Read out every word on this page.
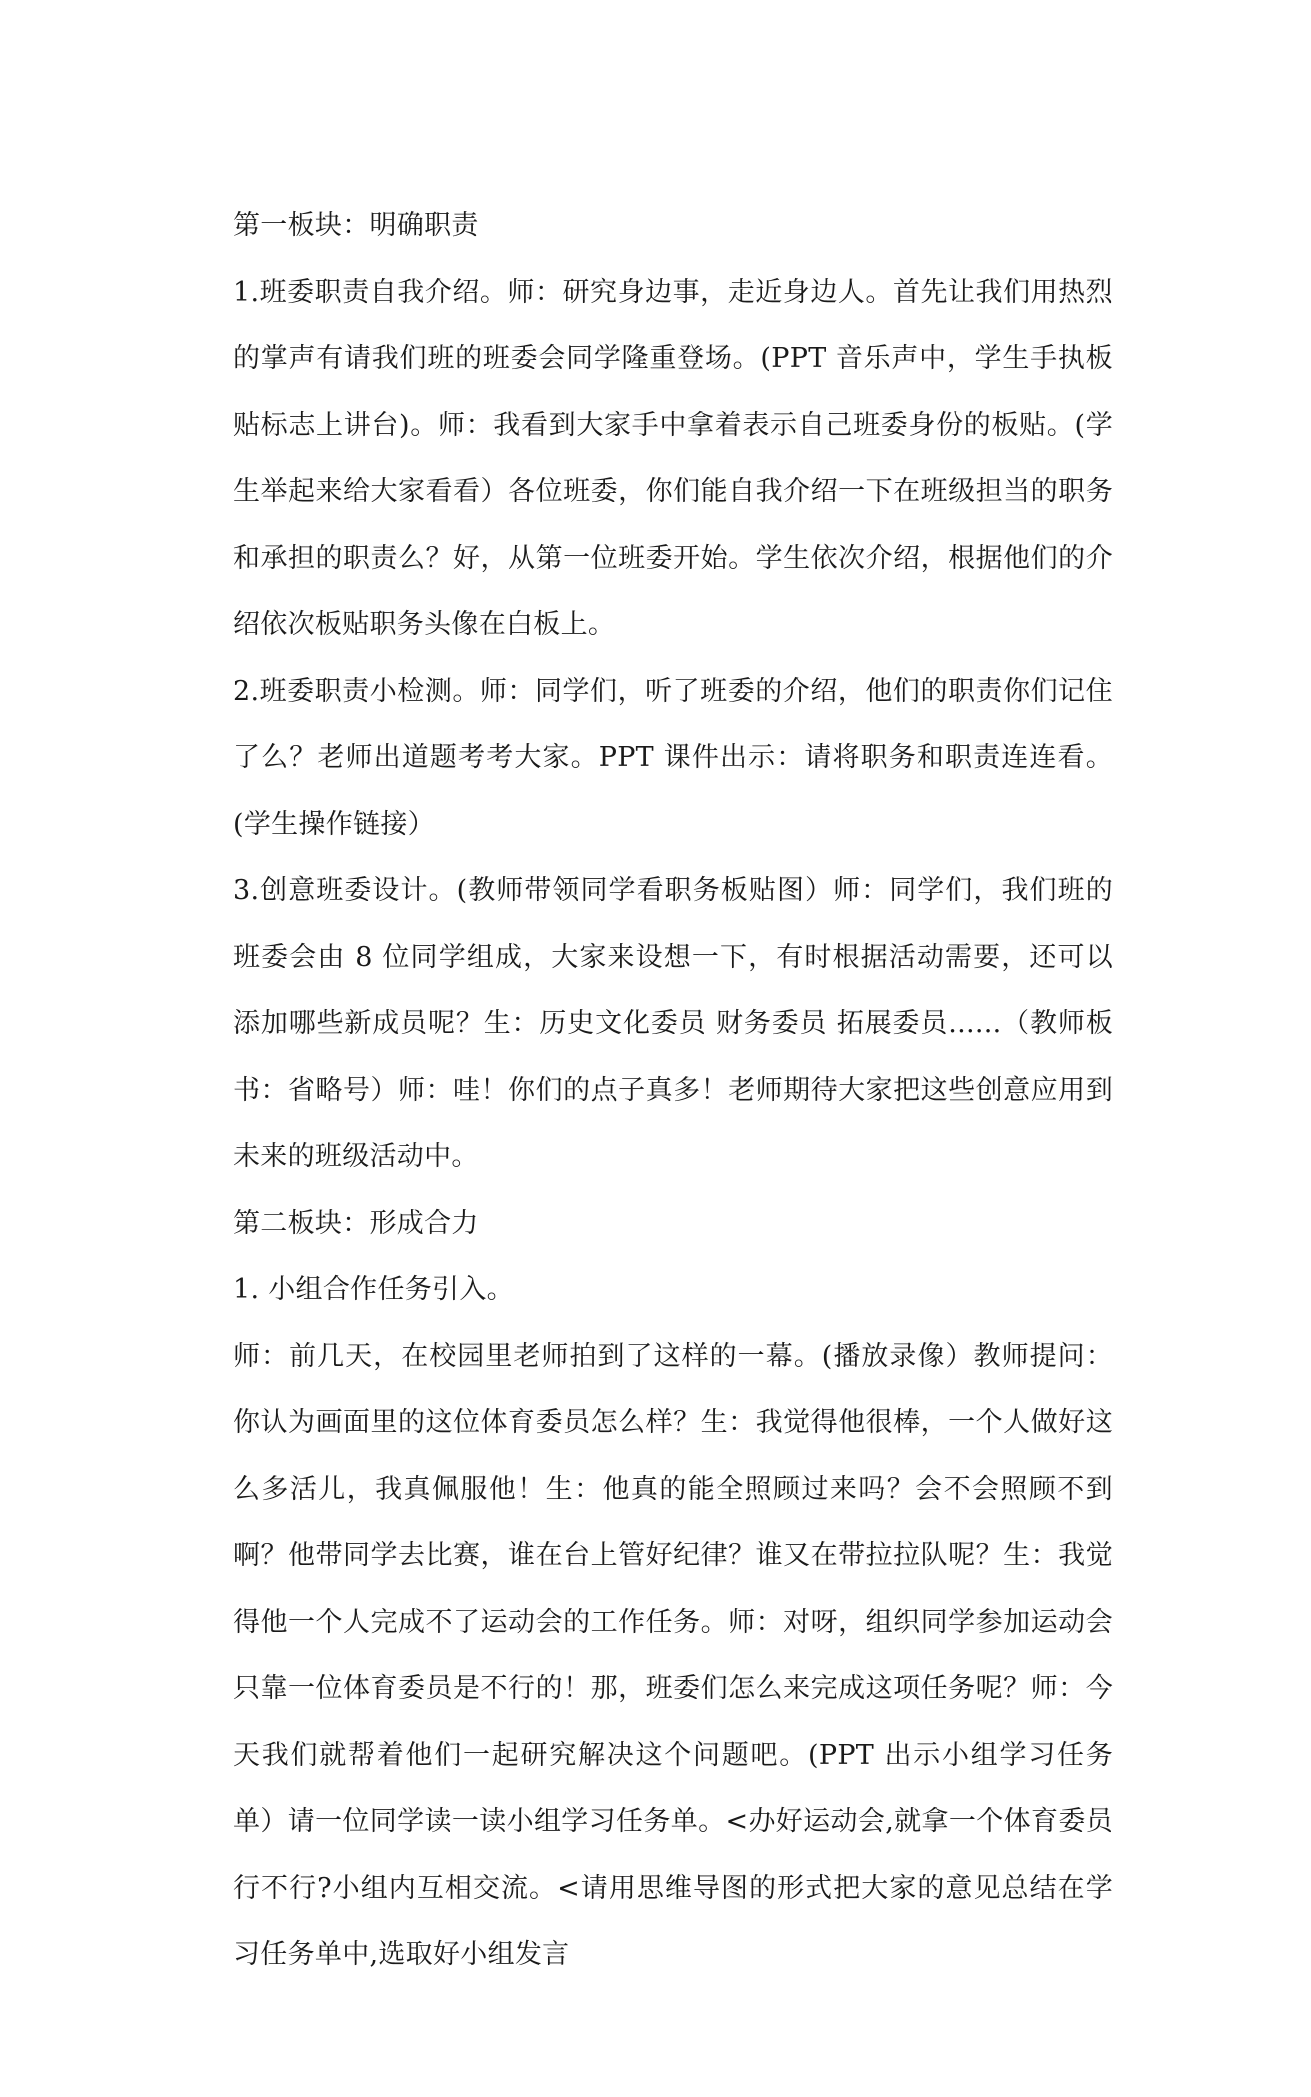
第一板块：明确职责

1.班委职责自我介绍。师：研究身边事，走近身边人。首先让我们用热烈的掌声有请我们班的班委会同学隆重登场。(PPT 音乐声中，学生手执板贴标志上讲台)。师：我看到大家手中拿着表示自己班委身份的板贴。(学生举起来给大家看看）各位班委，你们能自我介绍一下在班级担当的职务和承担的职责么？好，从第一位班委开始。学生依次介绍，根据他们的介绍依次板贴职务头像在白板上。

2.班委职责小检测。师：同学们，听了班委的介绍，他们的职责你们记住了么？老师出道题考考大家。PPT 课件出示：请将职务和职责连连看。(学生操作链接）

3.创意班委设计。(教师带领同学看职务板贴图）师：同学们，我们班的班委会由 8 位同学组成，大家来设想一下，有时根据活动需要，还可以添加哪些新成员呢？生：历史文化委员 财务委员 拓展委员......（教师板书：省略号）师：哇！你们的点子真多！老师期待大家把这些创意应用到未来的班级活动中。

第二板块：形成合力

1. 小组合作任务引入。

师：前几天，在校园里老师拍到了这样的一幕。(播放录像）教师提问：你认为画面里的这位体育委员怎么样？生：我觉得他很棒，一个人做好这么多活儿，我真佩服他！生：他真的能全照顾过来吗？会不会照顾不到啊？他带同学去比赛，谁在台上管好纪律？谁又在带拉拉队呢？生：我觉得他一个人完成不了运动会的工作任务。师：对呀，组织同学参加运动会只靠一位体育委员是不行的！那，班委们怎么来完成这项任务呢？师：今天我们就帮着他们一起研究解决这个问题吧。(PPT 出示小组学习任务单）请一位同学读一读小组学习任务单。<办好运动会,就拿一个体育委员行不行?小组内互相交流。<请用思维导图的形式把大家的意见总结在学习任务单中,选取好小组发言
